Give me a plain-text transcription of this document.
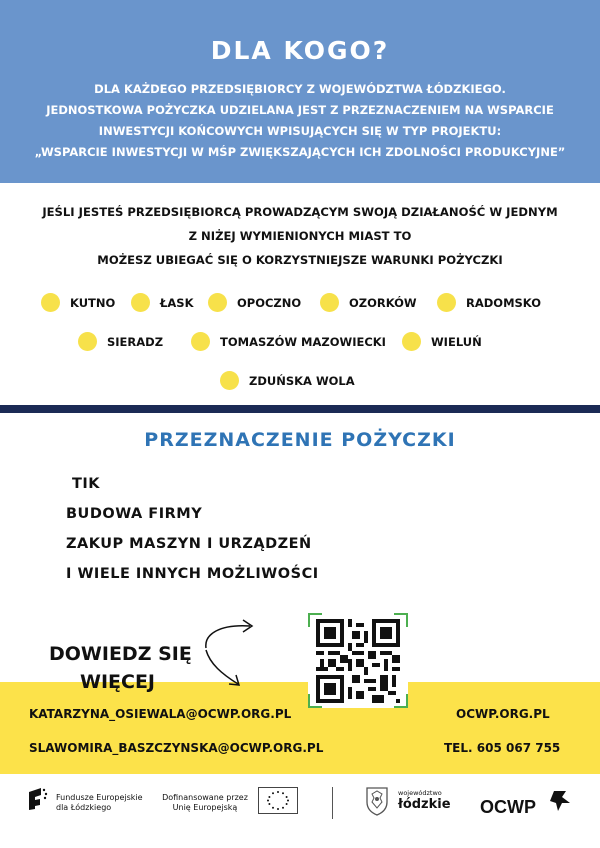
DLA KOGO?
DLA KAŻDEGO PRZEDSIĘBIORCY Z WOJEWÓDZTWA ŁÓDZKIEGO.
JEDNOSTKOWA POŻYCZKA UDZIELANA JEST Z PRZEZNACZENIEM NA WSPARCIE
INWESTYCJI KOŃCOWYCH WPISUJĄCYCH SIĘ W TYP PROJEKTU:
„WSPARCIE INWESTYCJI W MŚP ZWIĘKSZAJĄCYCH ICH ZDOLNOŚCI PRODUKCYJNE”
JEŚLI JESTEŚ PRZEDSIĘBIORCĄ PROWADZĄCYM SWOJĄ DZIAŁANOŚĆ W JEDNYM
Z NIŻEJ WYMIENIONYCH MIAST TO
MOŻESZ UBIEGAĆ SIĘ O KORZYSTNIEJSZE WARUNKI POŻYCZKI
KUTNO	ŁASK	OPOCZNO	OZORKÓW	RADOMSKO
SIERADZ	TOMASZÓW MAZOWIECKI	WIELUŃ
ZDUŃSKA WOLA
PRZEZNACZENIE POŻYCZKI
TIK
BUDOWA FIRMY
ZAKUP MASZYN I URZĄDZEŃ
I WIELE INNYCH MOŻLIWOŚCI
DOWIEDZ SIĘ
WIĘCEJ
KATARZYNA_OSIEWALA@OCWP.ORG.PL
SLAWOMIRA_BASZCZYNSKA@OCWP.ORG.PL
OCWP.ORG.PL
TEL. 605 067 755
Fundusze Europejskie
dla Łódzkiego
Dofinansowane przez
Unię Europejską
województwo
łódzkie OCWP
